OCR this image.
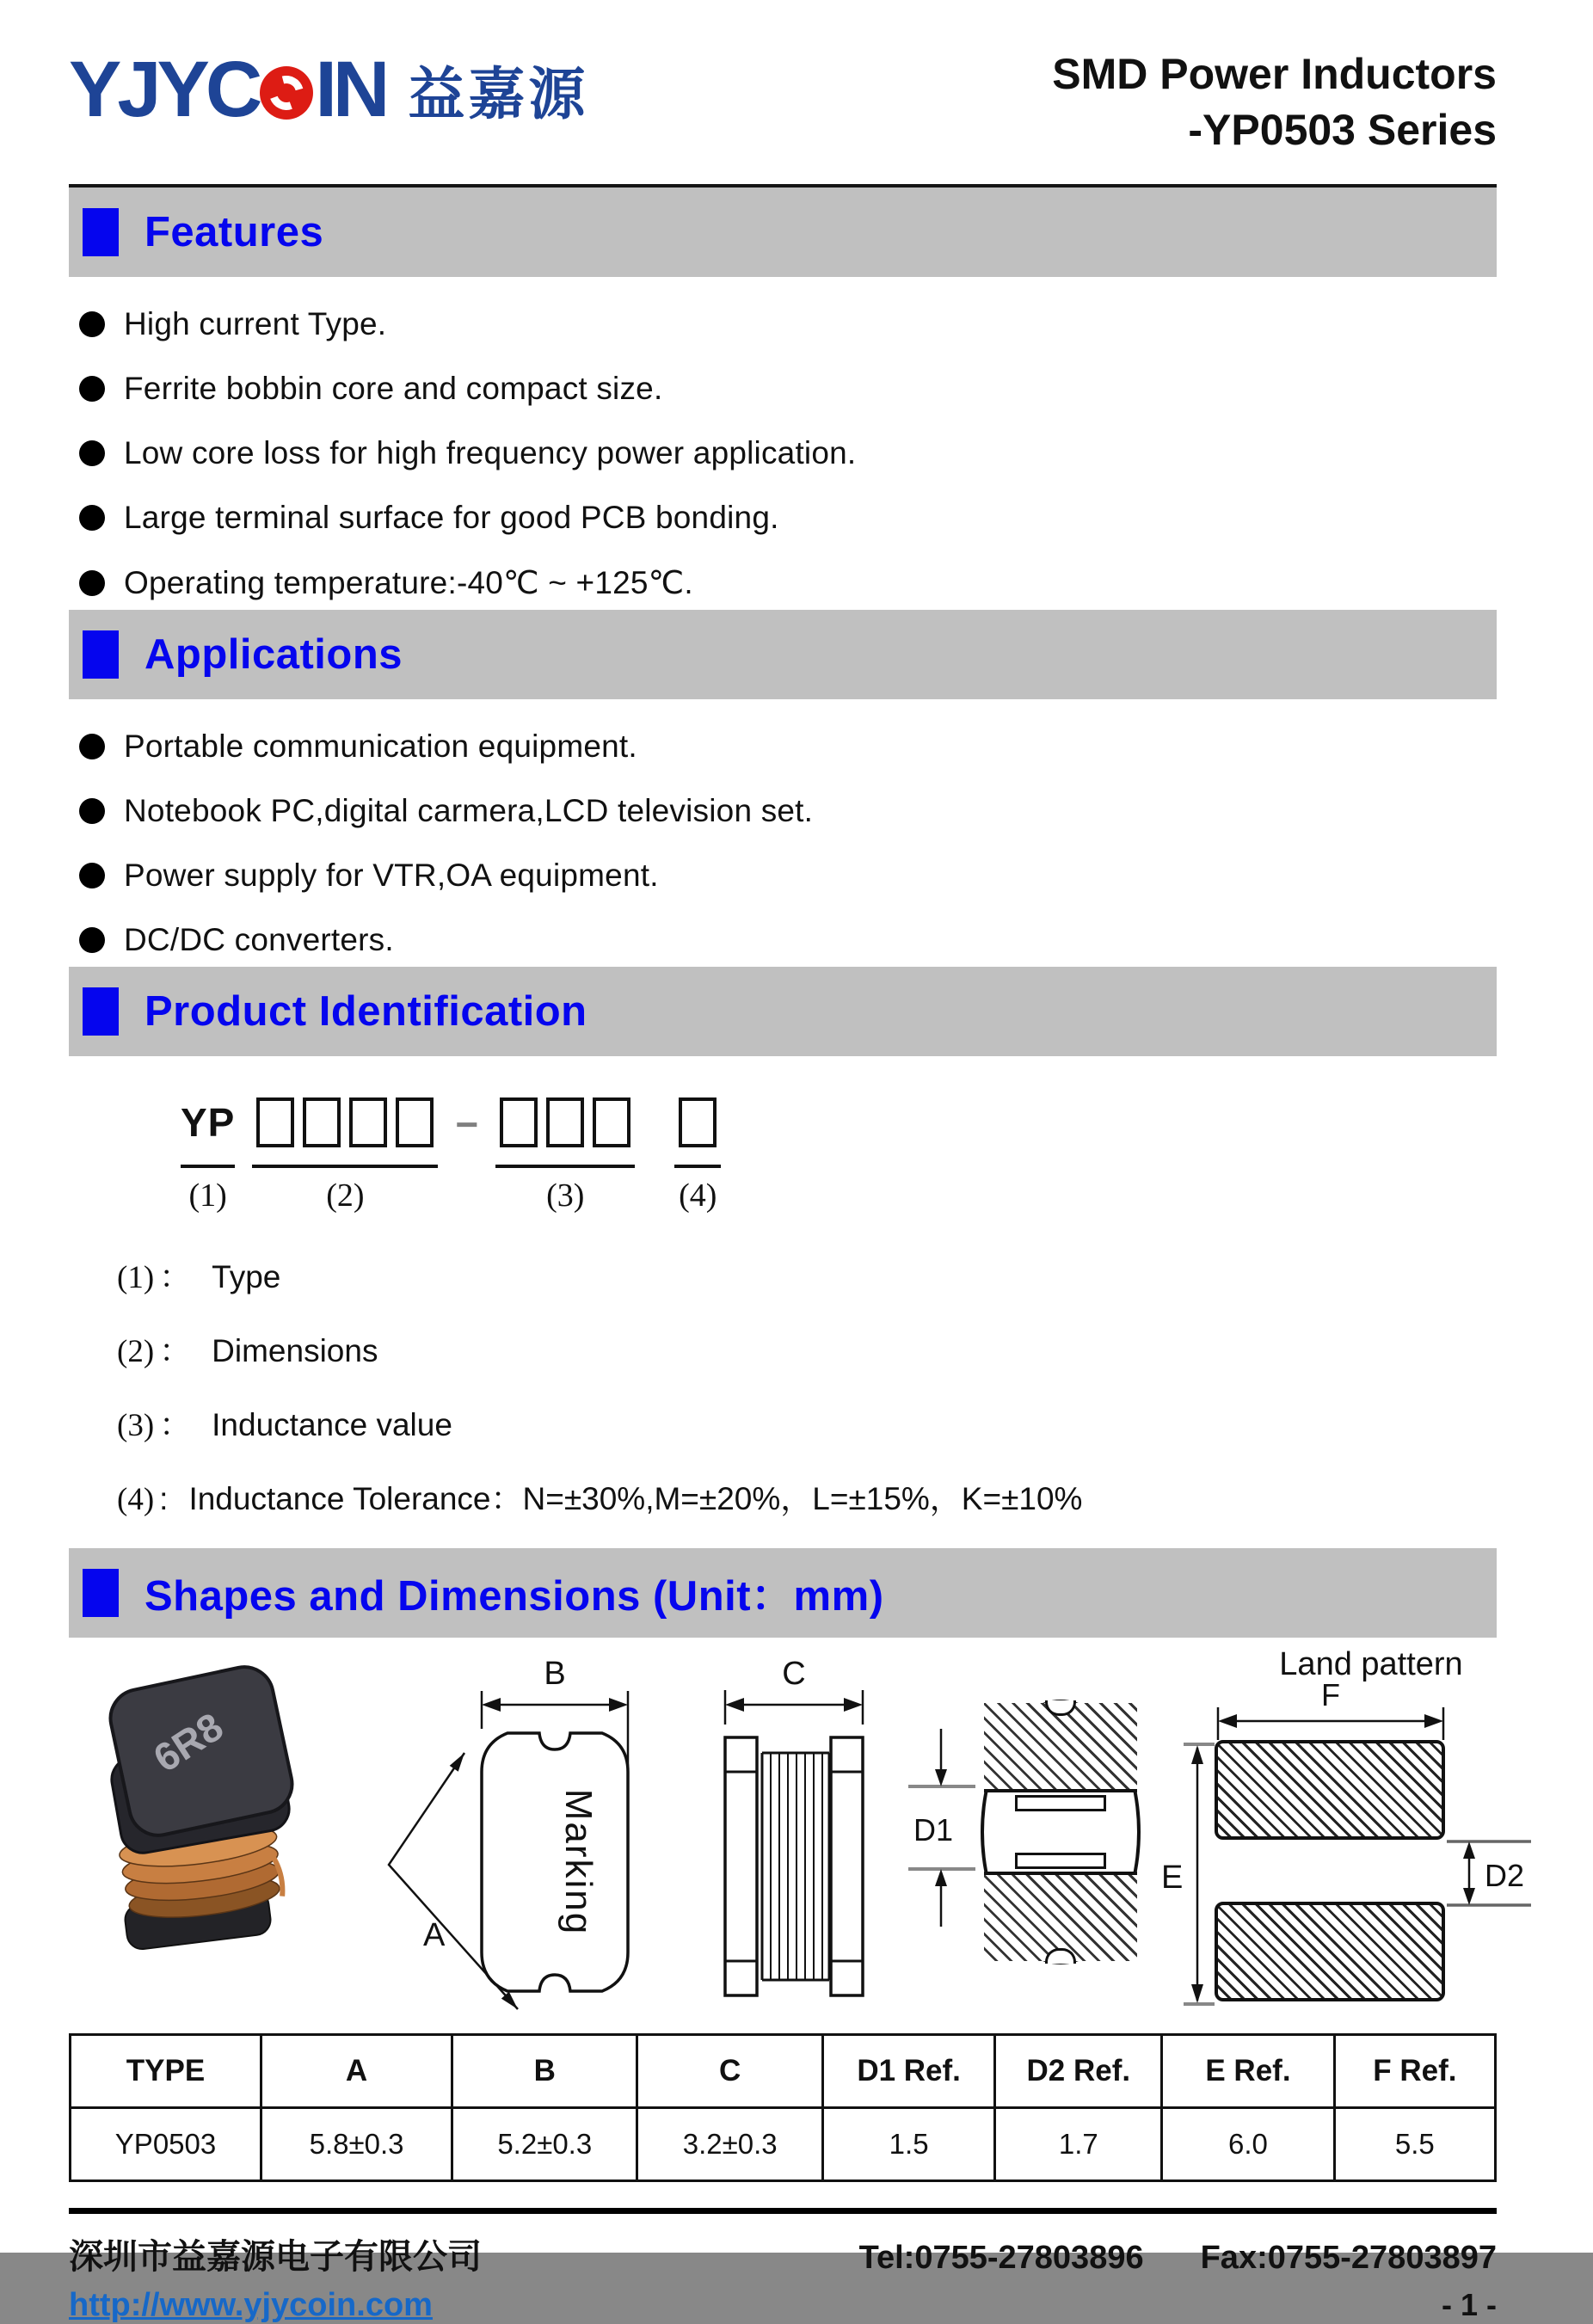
YJYC IN 益嘉源	SMD Power Inductors
-YP0503 Series
Features
High current Type.
Ferrite bobbin core and compact size.
Low core loss for high frequency power application.
Large terminal surface for good PCB bonding.
Operating temperature:-40℃ ~ +125℃.
Applications
Portable communication equipment.
Notebook PC,digital carmera,LCD television set.
Power supply for VTR,OA equipment.
DC/DC converters.
Product Identification
YP
(1)	(2)
−
(3)	(4)
(1) ： Type
(2) ： Dimensions
(3) ： Inductance value
(4) : Inductance Tolerance：N=±30%,M=±20%，L=±15%，K=±10%
Shapes and Dimensions (Unit：mm)
6R8
Marking
B
A
C
D1
Land pattern
F
E	D2
TYPE	A	B	C	D1 Ref.	D2 Ref.	E Ref.	F Ref.
YP0503	5.8±0.3	5.2±0.3	3.2±0.3	1.5	1.7	6.0	5.5
深圳市益嘉源电子有限公司	Tel:0755-27803896 Fax:0755-27803897
http://www.yjycoin.com	- 1 -
